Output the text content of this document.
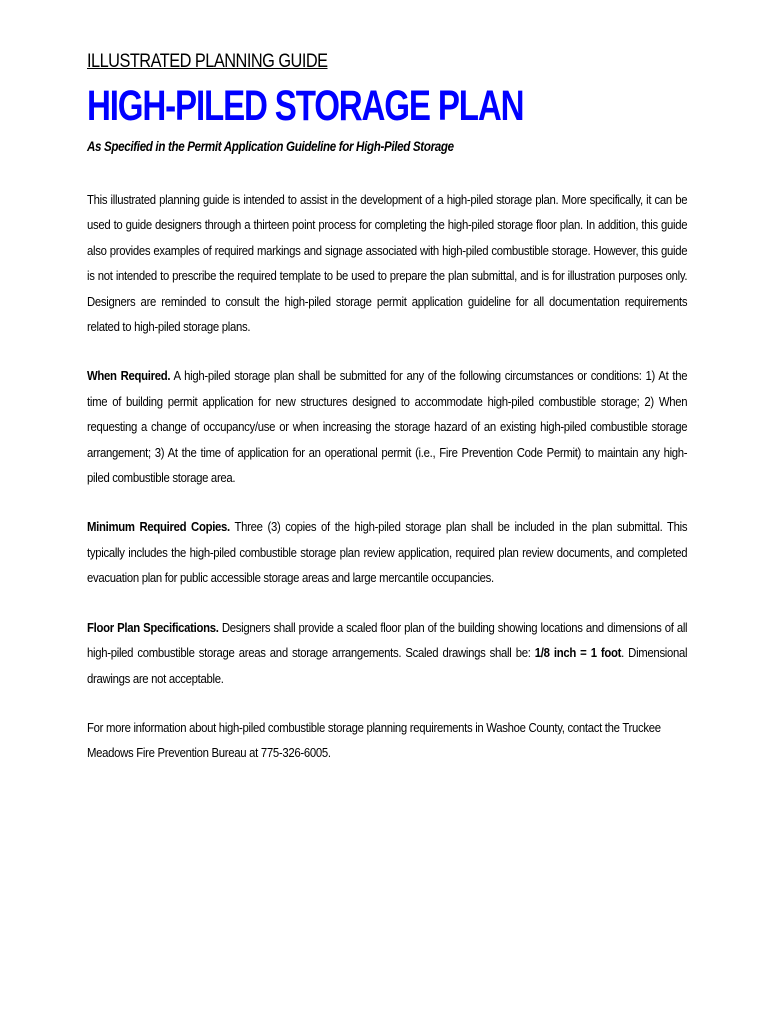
ILLUSTRATED PLANNING GUIDE
HIGH-PILED STORAGE PLAN
As Specified in the Permit Application Guideline for High-Piled Storage

This illustrated planning guide is intended to assist in the development of a high-piled storage plan. More specifically, it can be used to guide designers through a thirteen point process for completing the high-piled storage floor plan. In addition, this guide also provides examples of required markings and signage associated with high-piled combustible storage. However, this guide is not intended to prescribe the required template to be used to prepare the plan submittal, and is for illustration purposes only. Designers are reminded to consult the high-piled storage permit application guideline for all documentation requirements related to high-piled storage plans.

When Required. A high-piled storage plan shall be submitted for any of the following circumstances or conditions: 1) At the time of building permit application for new structures designed to accommodate high-piled combustible storage; 2) When requesting a change of occupancy/use or when increasing the storage hazard of an existing high-piled combustible storage arrangement; 3) At the time of application for an operational permit (i.e., Fire Prevention Code Permit) to maintain any high-piled combustible storage area.

Minimum Required Copies. Three (3) copies of the high-piled storage plan shall be included in the plan submittal. This typically includes the high-piled combustible storage plan review application, required plan review documents, and completed evacuation plan for public accessible storage areas and large mercantile occupancies.

Floor Plan Specifications. Designers shall provide a scaled floor plan of the building showing locations and dimensions of all high-piled combustible storage areas and storage arrangements. Scaled drawings shall be: 1/8 inch = 1 foot. Dimensional drawings are not acceptable.

For more information about high-piled combustible storage planning requirements in Washoe County, contact the Truckee Meadows Fire Prevention Bureau at 775-326-6005.
